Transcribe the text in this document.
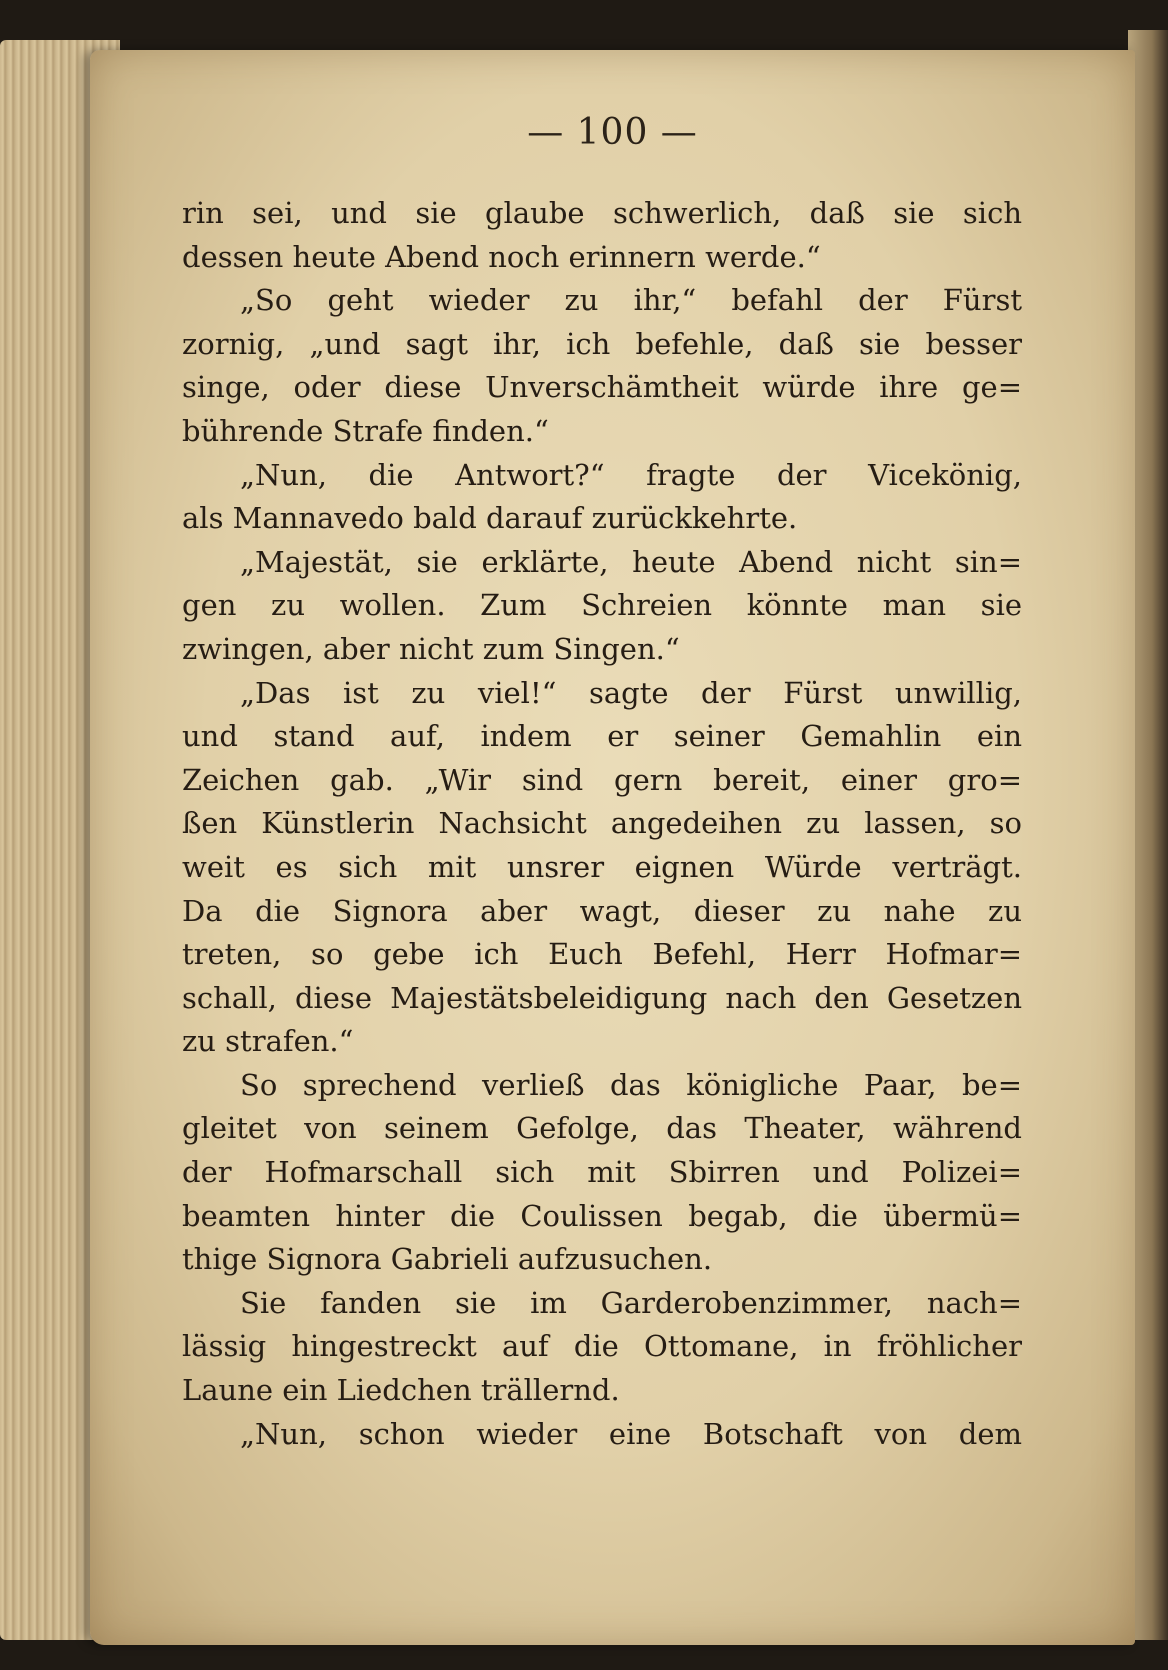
— 100 —
rin sei, und sie glaube schwerlich, daß sie sich
dessen heute Abend noch erinnern werde.“
„So geht wieder zu ihr,“ befahl der Fürst
zornig, „und sagt ihr, ich befehle, daß sie besser
singe, oder diese Unverschämtheit würde ihre ge=
bührende Strafe finden.“
„Nun, die Antwort?“ fragte der Vicekönig,
als Mannavedo bald darauf zurückkehrte.
„Majestät, sie erklärte, heute Abend nicht sin=
gen zu wollen. Zum Schreien könnte man sie
zwingen, aber nicht zum Singen.“
„Das ist zu viel!“ sagte der Fürst unwillig,
und stand auf, indem er seiner Gemahlin ein
Zeichen gab. „Wir sind gern bereit, einer gro=
ßen Künstlerin Nachsicht angedeihen zu lassen, so
weit es sich mit unsrer eignen Würde verträgt.
Da die Signora aber wagt, dieser zu nahe zu
treten, so gebe ich Euch Befehl, Herr Hofmar=
schall, diese Majestätsbeleidigung nach den Gesetzen
zu strafen.“
So sprechend verließ das königliche Paar, be=
gleitet von seinem Gefolge, das Theater, während
der Hofmarschall sich mit Sbirren und Polizei=
beamten hinter die Coulissen begab, die übermü=
thige Signora Gabrieli aufzusuchen.
Sie fanden sie im Garderobenzimmer, nach=
lässig hingestreckt auf die Ottomane, in fröhlicher
Laune ein Liedchen trällernd.
„Nun, schon wieder eine Botschaft von dem
